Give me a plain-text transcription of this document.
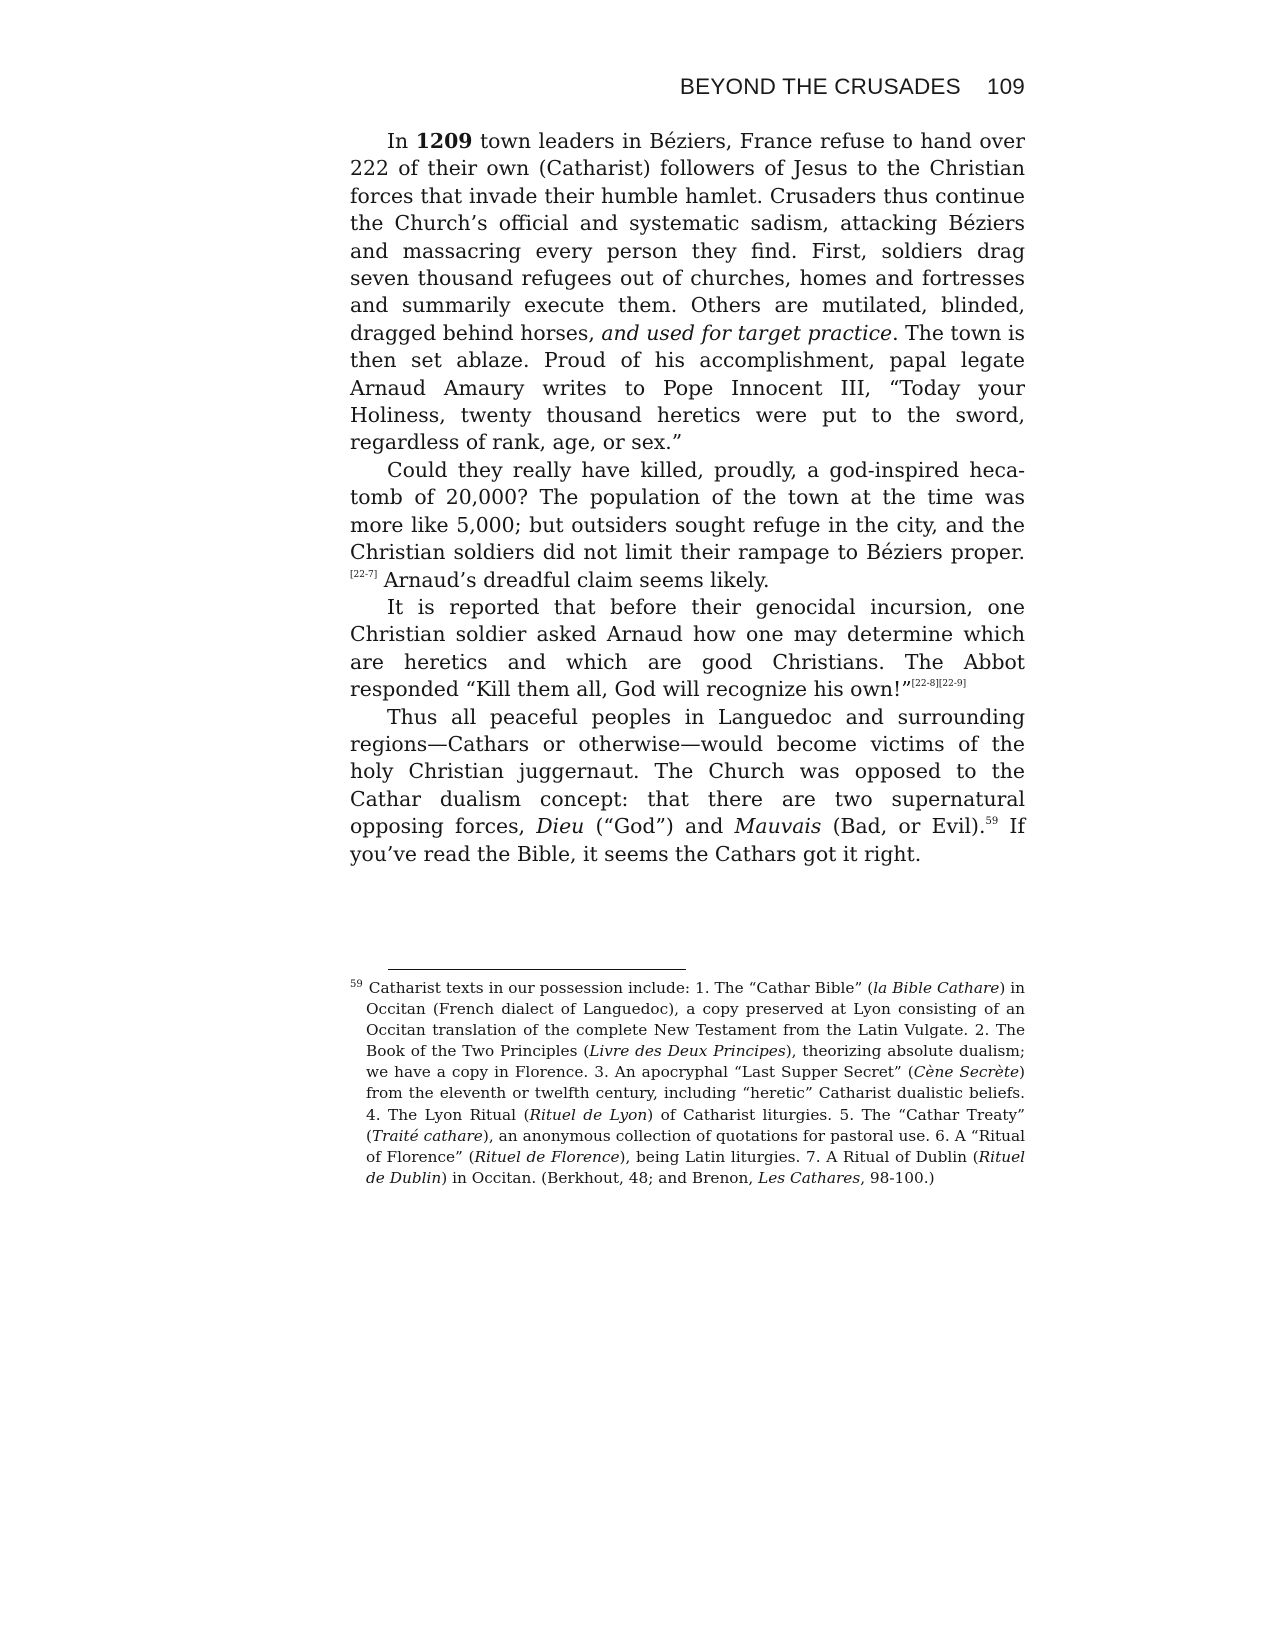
BEYOND THE CRUSADES 109

In 1209 town leaders in Béziers, France refuse to hand over 222 of their own (Catharist) followers of Jesus to the Christian forces that invade their humble hamlet. Crusaders thus continue the Church’s official and systematic sadism, attacking Béziers and massacring every person they find. First, soldiers drag seven thousand refugees out of churches, homes and fortresses and summarily execute them. Others are mutilated, blinded, dragged behind horses, and used for target practice. The town is then set ablaze. Proud of his accomplishment, papal legate Arnaud Amaury writes to Pope Innocent III, “Today your Holiness, twenty thousand heretics were put to the sword, regardless of rank, age, or sex.”

Could they really have killed, proudly, a god-inspired hecatomb of 20,000? The population of the town at the time was more like 5,000; but outsiders sought refuge in the city, and the Christian soldiers did not limit their rampage to Béziers proper.[22-7] Arnaud’s dreadful claim seems likely.

It is reported that before their genocidal incursion, one Christian soldier asked Arnaud how one may determine which are heretics and which are good Christians. The Abbot responded “Kill them all, God will recognize his own!”[22-8][22-9]

Thus all peaceful peoples in Languedoc and surrounding regions—Cathars or otherwise—would become victims of the holy Christian juggernaut. The Church was opposed to the Cathar dualism concept: that there are two supernatural opposing forces, Dieu (“God”) and Mauvais (Bad, or Evil).$^{59}$ If you’ve read the Bible, it seems the Cathars got it right.

$^{59}$ Catharist texts in our possession include: 1. The “Cathar Bible” (la Bible Cathare) in Occitan (French dialect of Languedoc), a copy preserved at Lyon consisting of an Occitan translation of the complete New Testament from the Latin Vulgate. 2. The Book of the Two Principles (Livre des Deux Principes), theorizing absolute dualism; we have a copy in Florence. 3. An apocryphal “Last Supper Secret” (Cène Secrète) from the eleventh or twelfth century, including “heretic” Catharist dualistic beliefs. 4. The Lyon Ritual (Rituel de Lyon) of Catharist liturgies. 5. The “Cathar Treaty” (Traité cathare), an anonymous collection of quotations for pastoral use. 6. A “Ritual of Florence” (Rituel de Florence), being Latin liturgies. 7. A Ritual of Dublin (Rituel de Dublin) in Occitan. (Berkhout, 48; and Brenon, Les Cathares, 98-100.)
